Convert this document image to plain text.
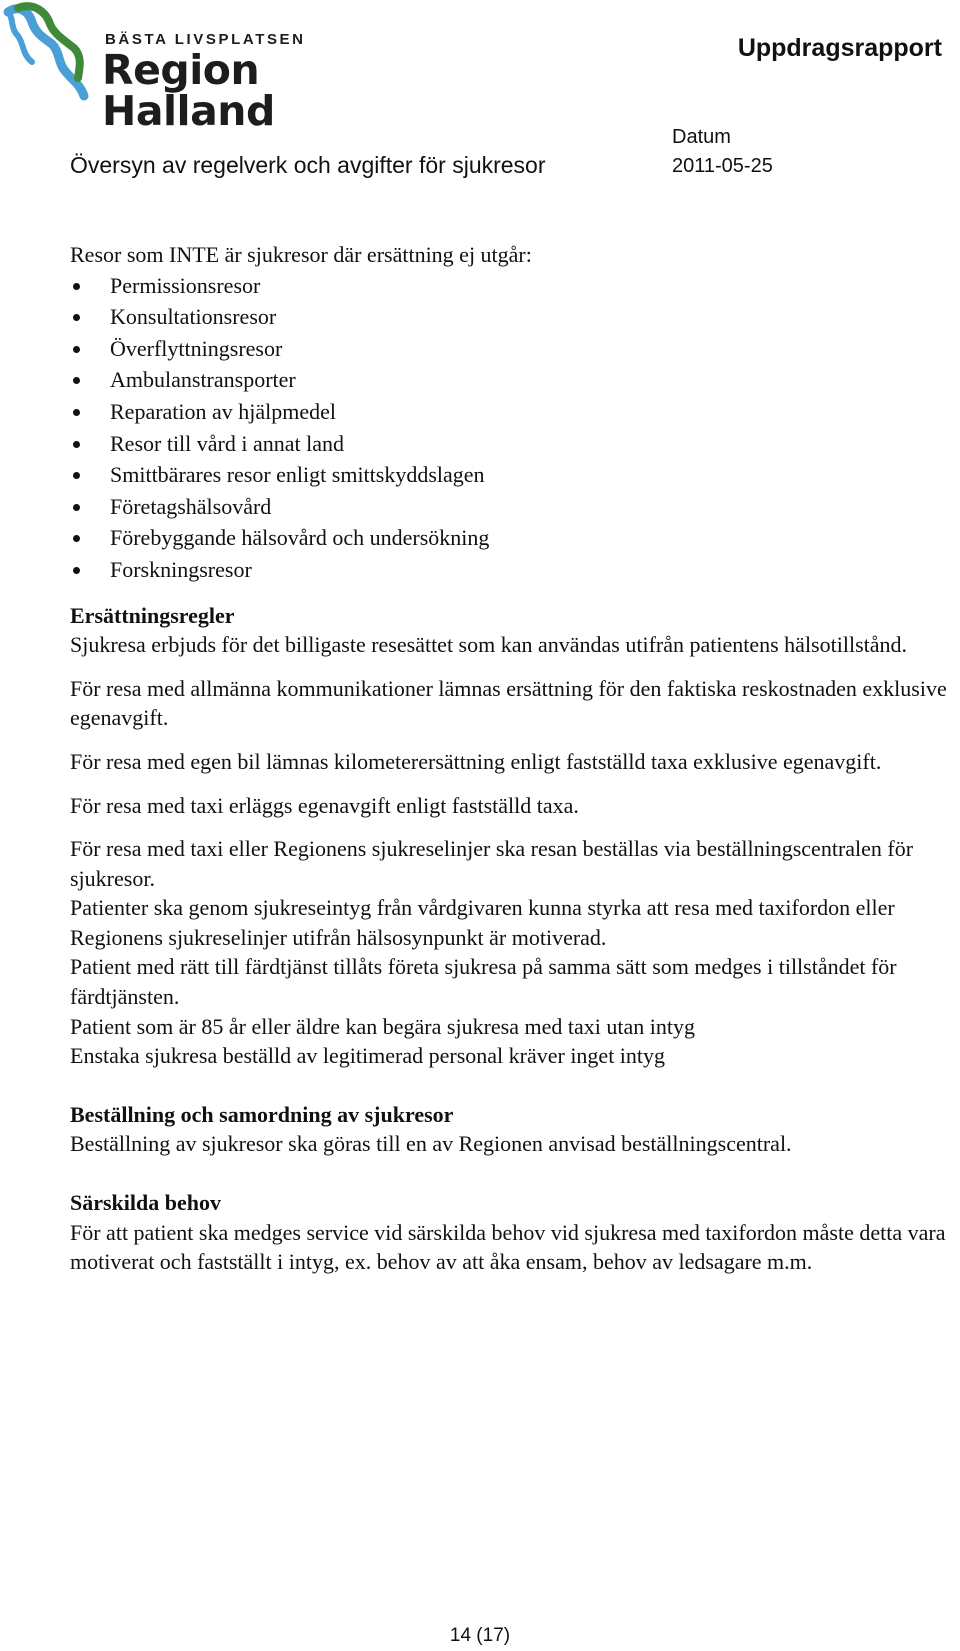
BÄSTA LIVSPLATSEN
Region Halland
Uppdragsrapport
Översyn av regelverk och avgifter för sjukresor
Datum
2011-05-25

Resor som INTE är sjukresor där ersättning ej utgår:

Permissionsresor
Konsultationsresor
Överflyttningsresor
Ambulanstransporter
Reparation av hjälpmedel
Resor till vård i annat land
Smittbärares resor enligt smittskyddslagen
Företagshälsovård
Förebyggande hälsovård och undersökning
Forskningsresor
Ersättningsregler

Sjukresa erbjuds för det billigaste resesättet som kan användas utifrån patientens hälsotillstånd.

För resa med allmänna kommunikationer lämnas ersättning för den faktiska reskostnaden exklusive egenavgift.

För resa med egen bil lämnas kilometerersättning enligt fastställd taxa exklusive egenavgift.

För resa med taxi erläggs egenavgift enligt fastställd taxa.

För resa med taxi eller Regionens sjukreselinjer ska resan beställas via beställningscentralen för sjukresor.

Patienter ska genom sjukreseintyg från vårdgivaren kunna styrka att resa med taxifordon eller Regionens sjukreselinjer utifrån hälsosynpunkt är motiverad.

Patient med rätt till färdtjänst tillåts företa sjukresa på samma sätt som medges i tillståndet för färdtjänsten.

Patient som är 85 år eller äldre kan begära sjukresa med taxi utan intyg

Enstaka sjukresa beställd av legitimerad personal kräver inget intyg

Beställning och samordning av sjukresor

Beställning av sjukresor ska göras till en av Regionen anvisad beställningscentral.

Särskilda behov

För att patient ska medges service vid särskilda behov vid sjukresa med taxifordon måste detta vara motiverat och fastställt i intyg, ex. behov av att åka ensam, behov av ledsagare m.m.

14 (17)
